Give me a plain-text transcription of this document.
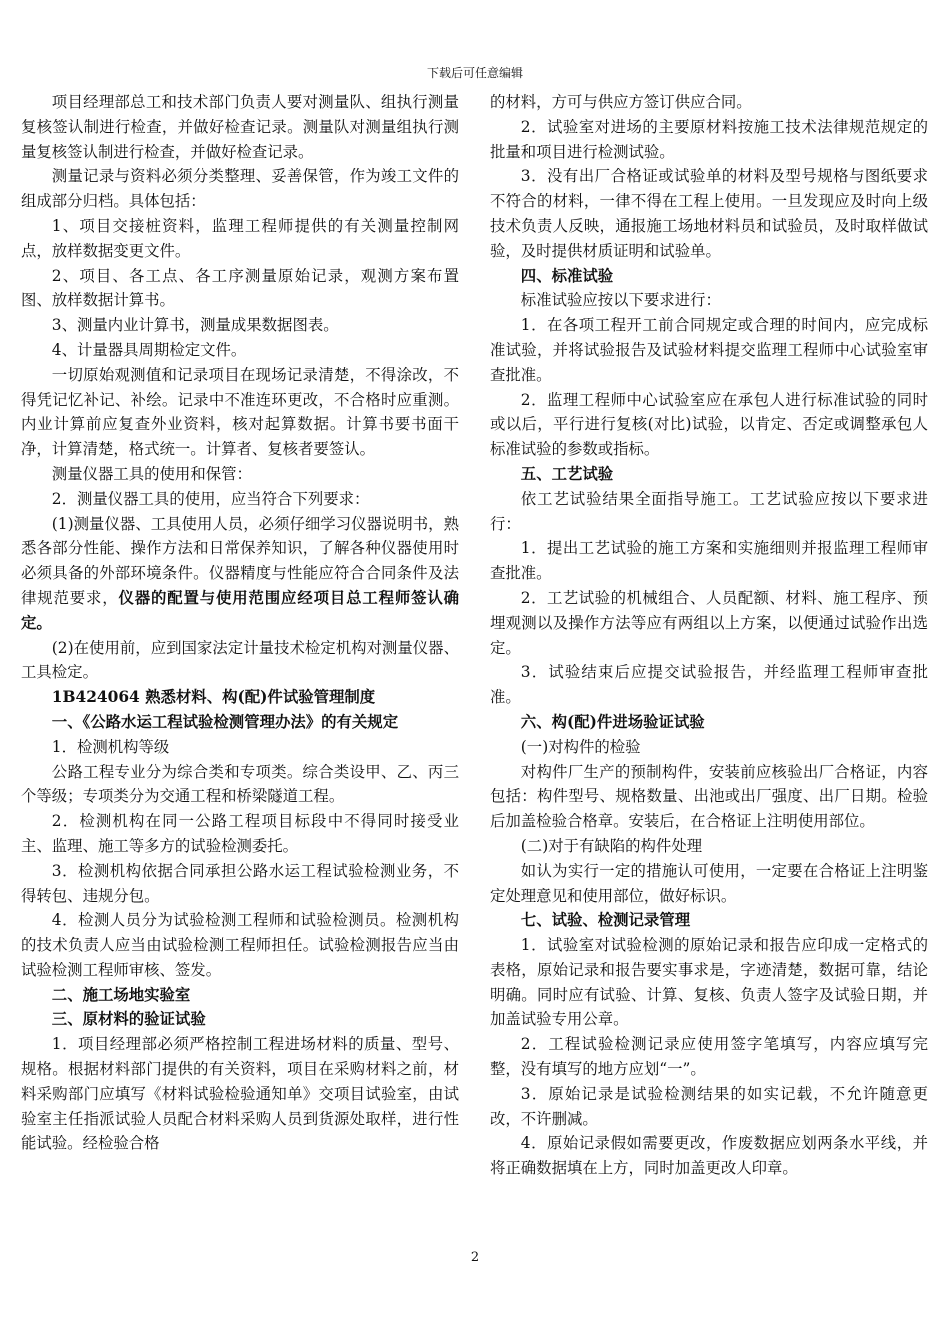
下载后可任意编辑

项目经理部总工和技术部门负责人要对测量队、组执行测量复核签认制进行检查，并做好检查记录。测量队对测量组执行测量复核签认制进行检查，并做好检查记录。

测量记录与资料必须分类整理、妥善保管，作为竣工文件的组成部分归档。具体包括：

1、项目交接桩资料，监理工程师提供的有关测量控制网点，放样数据变更文件。

2、项目、各工点、各工序测量原始记录，观测方案布置图、放样数据计算书。

3、测量内业计算书，测量成果数据图表。

4、计量器具周期检定文件。

一切原始观测值和记录项目在现场记录清楚，不得涂改，不得凭记忆补记、补绘。记录中不准连环更改，不合格时应重测。内业计算前应复查外业资料，核对起算数据。计算书要书面干净，计算清楚，格式统一。计算者、复核者要签认。

测量仪器工具的使用和保管：

2．测量仪器工具的使用，应当符合下列要求：

(1)测量仪器、工具使用人员，必须仔细学习仪器说明书，熟悉各部分性能、操作方法和日常保养知识，了解各种仪器使用时必须具备的外部环境条件。仪器精度与性能应符合合同条件及法律规范要求，仪器的配置与使用范围应经项目总工程师签认确定。

(2)在使用前，应到国家法定计量技术检定机构对测量仪器、工具检定。

1B424064 熟悉材料、构(配)件试验管理制度

一、《公路水运工程试验检测管理办法》的有关规定

1．检测机构等级

公路工程专业分为综合类和专项类。综合类设甲、乙、丙三个等级；专项类分为交通工程和桥梁隧道工程。

2．检测机构在同一公路工程项目标段中不得同时接受业主、监理、施工等多方的试验检测委托。

3．检测机构依据合同承担公路水运工程试验检测业务，不得转包、违规分包。

4．检测人员分为试验检测工程师和试验检测员。检测机构的技术负责人应当由试验检测工程师担任。试验检测报告应当由试验检测工程师审核、签发。

二、施工场地实验室

三、原材料的验证试验

1．项目经理部必须严格控制工程进场材料的质量、型号、规格。根据材料部门提供的有关资料，项目在采购材料之前，材料采购部门应填写《材料试验检验通知单》交项目试验室，由试验室主任指派试验人员配合材料采购人员到货源处取样，进行性能试验。经检验合格

的材料，方可与供应方签订供应合同。

2．试验室对进场的主要原材料按施工技术法律规范规定的批量和项目进行检测试验。

3．没有出厂合格证或试验单的材料及型号规格与图纸要求不符合的材料，一律不得在工程上使用。一旦发现应及时向上级技术负责人反映，通报施工场地材料员和试验员，及时取样做试验，及时提供材质证明和试验单。

四、标准试验

标准试验应按以下要求进行：

1．在各项工程开工前合同规定或合理的时间内，应完成标准试验，并将试验报告及试验材料提交监理工程师中心试验室审查批准。

2．监理工程师中心试验室应在承包人进行标准试验的同时或以后，平行进行复核(对比)试验，以肯定、否定或调整承包人标准试验的参数或指标。

五、工艺试验

依工艺试验结果全面指导施工。工艺试验应按以下要求进行：

1．提出工艺试验的施工方案和实施细则并报监理工程师审查批准。

2．工艺试验的机械组合、人员配额、材料、施工程序、预埋观测以及操作方法等应有两组以上方案，以便通过试验作出选定。

3．试验结束后应提交试验报告，并经监理工程师审查批准。

六、构(配)件进场验证试验

(一)对构件的检验

对构件厂生产的预制构件，安装前应核验出厂合格证，内容包括：构件型号、规格数量、出池或出厂强度、出厂日期。检验后加盖检验合格章。安装后，在合格证上注明使用部位。

(二)对于有缺陷的构件处理

如认为实行一定的措施认可使用，一定要在合格证上注明鉴定处理意见和使用部位，做好标识。

七、试验、检测记录管理

1．试验室对试验检测的原始记录和报告应印成一定格式的表格，原始记录和报告要实事求是，字迹清楚，数据可靠，结论明确。同时应有试验、计算、复核、负责人签字及试验日期，并加盖试验专用公章。

2．工程试验检测记录应使用签字笔填写，内容应填写完整，没有填写的地方应划“一”。

3．原始记录是试验检测结果的如实记载，不允许随意更改，不许删减。

4．原始记录假如需要更改，作废数据应划两条水平线，并将正确数据填在上方，同时加盖更改人印章。

2
